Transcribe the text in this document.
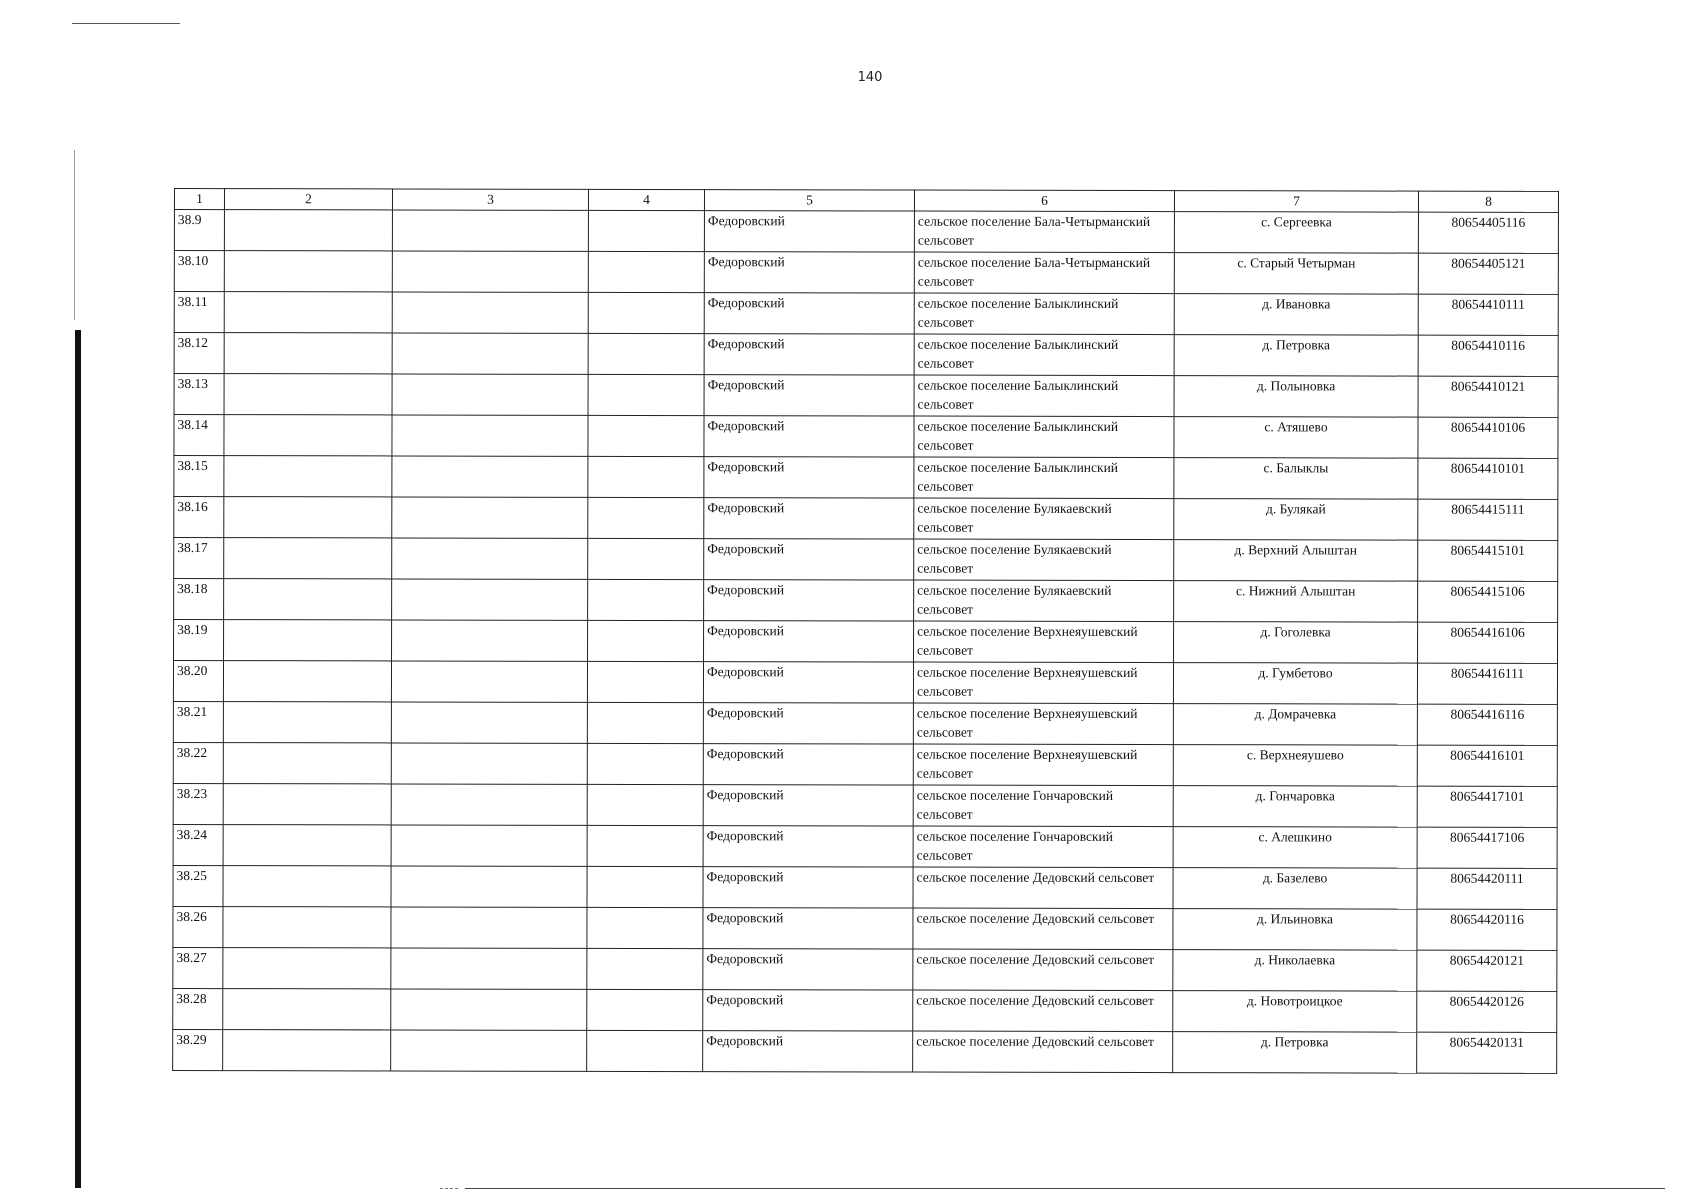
140
1	2	3	4	5	6	7	8
38.9				Федоровский	сельское поселение Бала-Четырманский сельсовет	с. Сергеевка	80654405116
38.10				Федоровский	сельское поселение Бала-Четырманский сельсовет	с. Старый Четырман	80654405121
38.11				Федоровский	сельское поселение Балыклинский сельсовет	д. Ивановка	80654410111
38.12				Федоровский	сельское поселение Балыклинский сельсовет	д. Петровка	80654410116
38.13				Федоровский	сельское поселение Балыклинский сельсовет	д. Полыновка	80654410121
38.14				Федоровский	сельское поселение Балыклинский сельсовет	с. Атяшево	80654410106
38.15				Федоровский	сельское поселение Балыклинский сельсовет	с. Балыклы	80654410101
38.16				Федоровский	сельское поселение Булякаевский сельсовет	д. Булякай	80654415111
38.17				Федоровский	сельское поселение Булякаевский сельсовет	д. Верхний Алыштан	80654415101
38.18				Федоровский	сельское поселение Булякаевский сельсовет	с. Нижний Алыштан	80654415106
38.19				Федоровский	сельское поселение Верхнеяушевский сельсовет	д. Гоголевка	80654416106
38.20				Федоровский	сельское поселение Верхнеяушевский сельсовет	д. Гумбетово	80654416111
38.21				Федоровский	сельское поселение Верхнеяушевский сельсовет	д. Домрачевка	80654416116
38.22				Федоровский	сельское поселение Верхнеяушевский сельсовет	с. Верхнеяушево	80654416101
38.23				Федоровский	сельское поселение Гончаровский сельсовет	д. Гончаровка	80654417101
38.24				Федоровский	сельское поселение Гончаровский сельсовет	с. Алешкино	80654417106
38.25				Федоровский	сельское поселение Дедовский сельсовет	д. Базелево	80654420111
38.26				Федоровский	сельское поселение Дедовский сельсовет	д. Ильиновка	80654420116
38.27				Федоровский	сельское поселение Дедовский сельсовет	д. Николаевка	80654420121
38.28				Федоровский	сельское поселение Дедовский сельсовет	д. Новотроицкое	80654420126
38.29				Федоровский	сельское поселение Дедовский сельсовет	д. Петровка	80654420131
